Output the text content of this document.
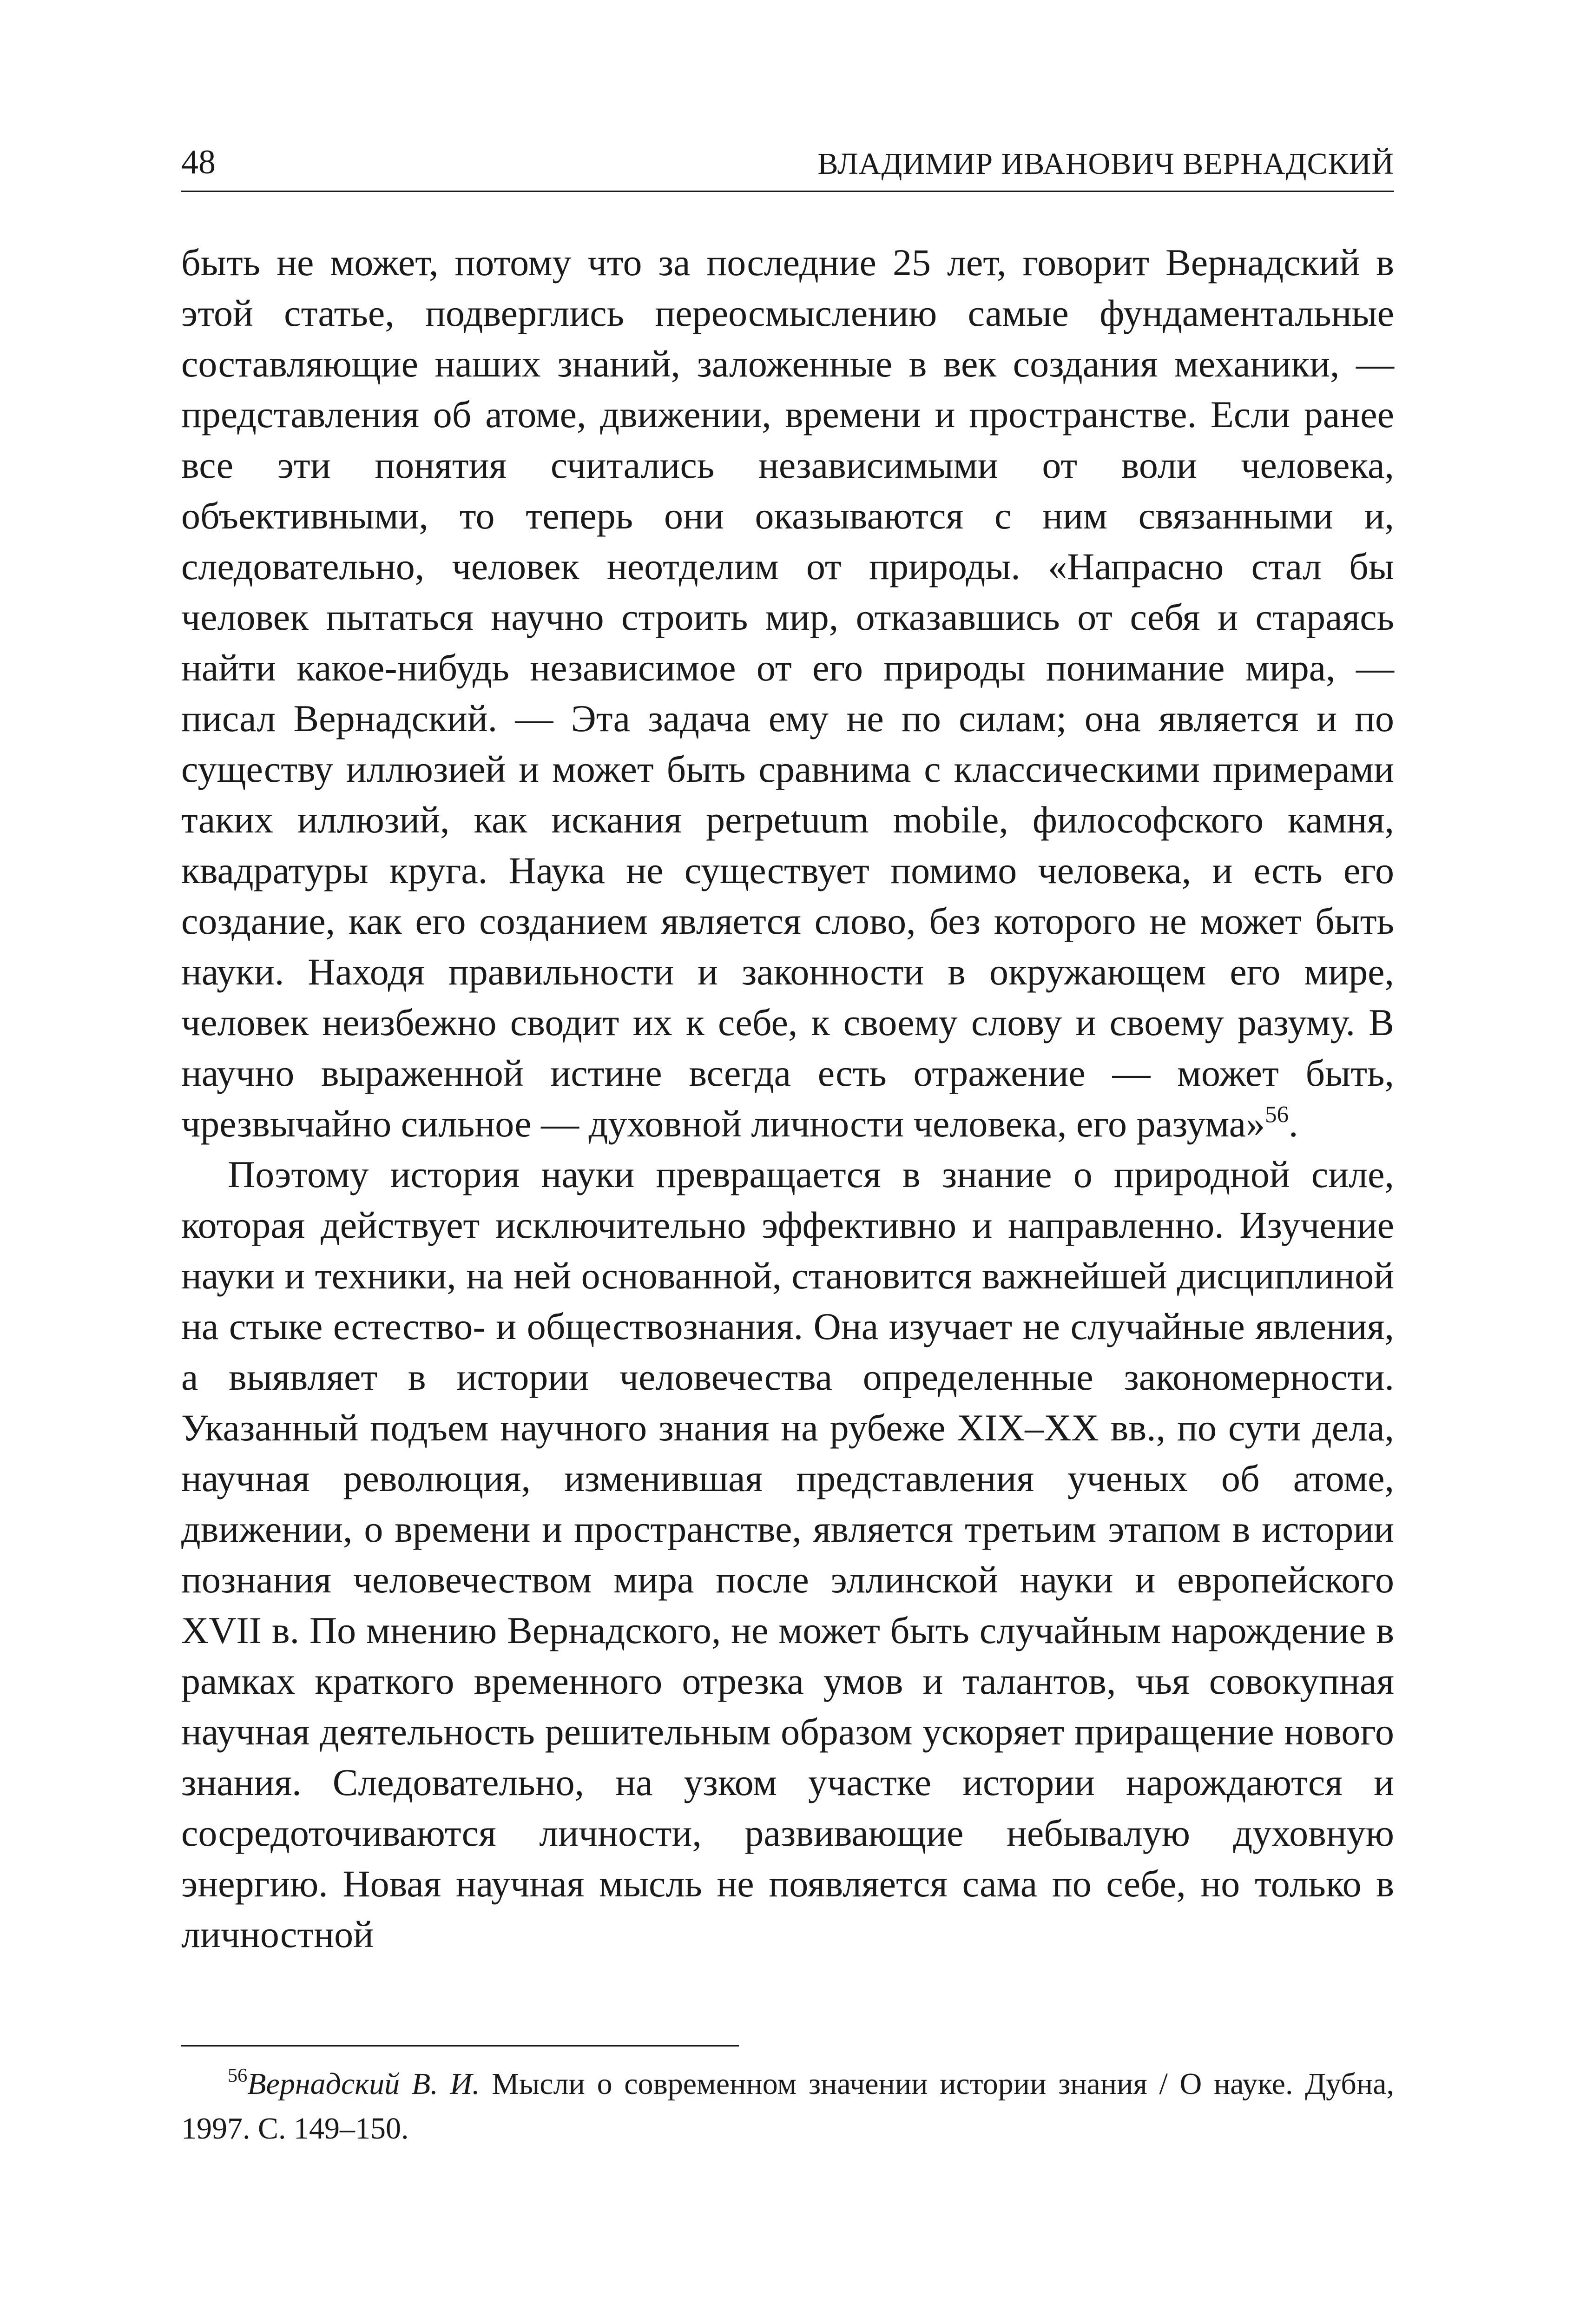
48	ВЛАДИМИР ИВАНОВИЧ ВЕРНАДСКИЙ

быть не может, потому что за последние 25 лет, говорит Вернадский в этой статье, подверглись переосмыслению самые фундаментальные составляющие наших знаний, заложенные в век создания механики, — представления об атоме, движении, времени и пространстве. Если ранее все эти понятия считались независимыми от воли человека, объективными, то теперь они оказываются с ним связанными и, следовательно, человек неотделим от природы. «Напрасно стал бы человек пытаться научно строить мир, отказавшись от себя и стараясь найти какое-нибудь независимое от его природы понимание мира, — писал Вернадский. — Эта задача ему не по силам; она является и по существу иллюзией и может быть сравнима с классическими примерами таких иллюзий, как искания perpetuum mobile, философского камня, квадратуры круга. Наука не существует помимо человека, и есть его создание, как его созданием является слово, без которого не может быть науки. Находя правильности и законности в окружающем его мире, человек неизбежно сводит их к себе, к своему слову и своему разуму. В научно выраженной истине всегда есть отражение — может быть, чрезвычайно сильное — духовной личности человека, его разума»$^{56}$.

Поэтому история науки превращается в знание о природной силе, которая действует исключительно эффективно и направленно. Изучение науки и техники, на ней основанной, становится важнейшей дисциплиной на стыке естество- и обществознания. Она изучает не случайные явления, а выявляет в истории человечества определенные закономерности. Указанный подъем научного знания на рубеже XIX–XX вв., по сути дела, научная революция, изменившая представления ученых об атоме, движении, о времени и пространстве, является третьим этапом в истории познания человечеством мира после эллинской науки и европейского XVII в. По мнению Вернадского, не может быть случайным нарождение в рамках краткого временного отрезка умов и талантов, чья совокупная научная деятельность решительным образом ускоряет приращение нового знания. Следовательно, на узком участке истории нарождаются и сосредоточиваются личности, развивающие небывалую духовную энергию. Новая научная мысль не появляется сама по себе, но только в личностной

$^{56}$Вернадский В. И. Мысли о современном значении истории знания / О науке. Дубна, 1997. С. 149–150.
